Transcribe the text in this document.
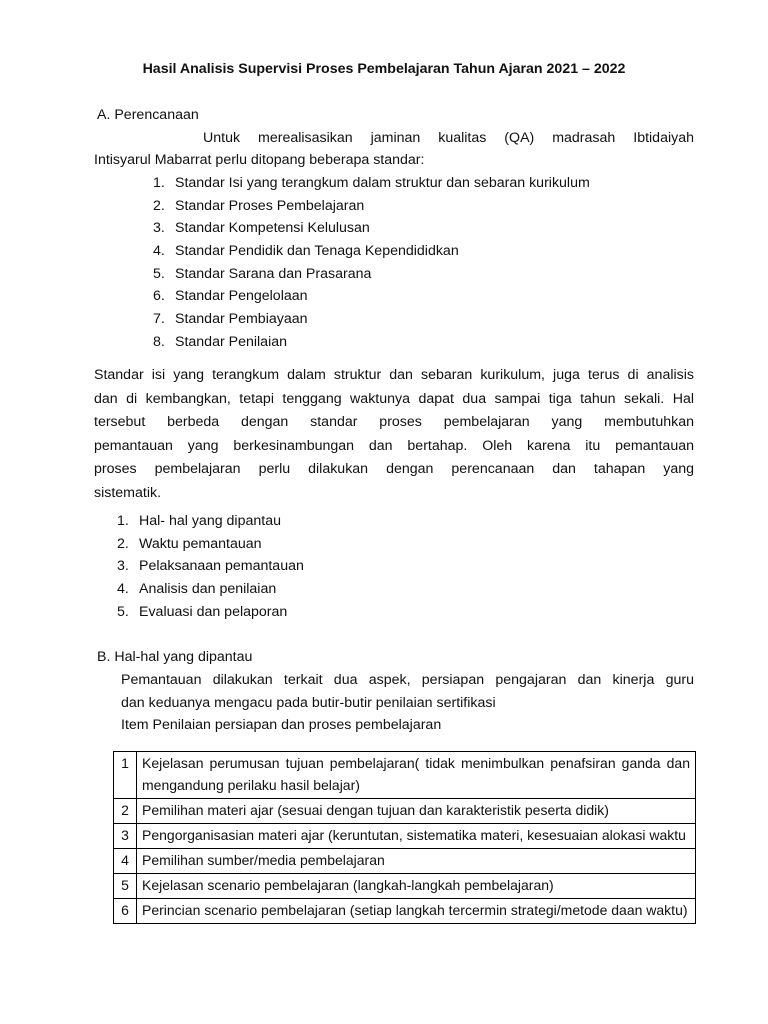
Hasil Analisis Supervisi Proses Pembelajaran Tahun Ajaran 2021 – 2022
A. Perencanaan
Untuk merealisasikan jaminan kualitas (QA) madrasah Ibtidaiyah
Intisyarul Mabarrat perlu ditopang beberapa standar:
1. Standar Isi yang terangkum dalam struktur dan sebaran kurikulum
2. Standar Proses Pembelajaran
3. Standar Kompetensi Kelulusan
4. Standar Pendidik dan Tenaga Kependididkan
5. Standar Sarana dan Prasarana
6. Standar Pengelolaan
7. Standar Pembiayaan
8. Standar Penilaian
Standar isi yang terangkum dalam struktur dan sebaran kurikulum, juga terus di analisis
dan di kembangkan, tetapi tenggang waktunya dapat dua sampai tiga tahun sekali. Hal
tersebut berbeda dengan standar proses pembelajaran yang membutuhkan
pemantauan yang berkesinambungan dan bertahap. Oleh karena itu pemantauan
proses pembelajaran perlu dilakukan dengan perencanaan dan tahapan yang
sistematik.
1. Hal- hal yang dipantau
2. Waktu pemantauan
3. Pelaksanaan pemantauan
4. Analisis dan penilaian
5. Evaluasi dan pelaporan
B. Hal-hal yang dipantau
Pemantauan dilakukan terkait dua aspek, persiapan pengajaran dan kinerja guru
dan keduanya mengacu pada butir-butir penilaian sertifikasi
Item Penilaian persiapan dan proses pembelajaran
1	Kejelasan perumusan tujuan pembelajaran( tidak menimbulkan penafsiran ganda dan mengandung perilaku hasil belajar)
2	Pemilihan materi ajar (sesuai dengan tujuan dan karakteristik peserta didik)
3	Pengorganisasian materi ajar (keruntutan, sistematika materi, kesesuaian alokasi waktu
4	Pemilihan sumber/media pembelajaran
5	Kejelasan scenario pembelajaran (langkah-langkah pembelajaran)
6	Perincian scenario pembelajaran (setiap langkah tercermin strategi/metode daan waktu)
